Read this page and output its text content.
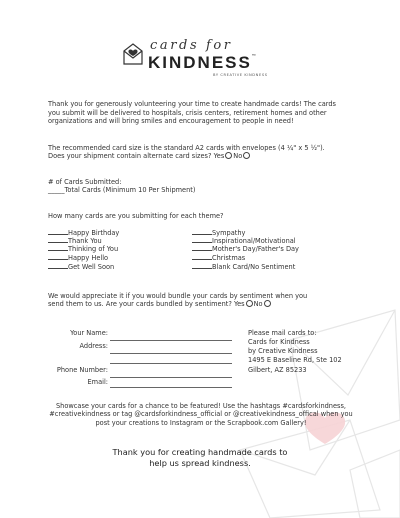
cards for
KINDNESS™
BY CREATIVE KINDNESS
Thank you for generously volunteering your time to create handmade cards! The cards you submit will be delivered to hospitals, crisis centers, retirement homes and other organizations and will bring smiles and encouragement to people in need!
The recommended card size is the standard A2 cards with envelopes (4 ¼" x 5 ½").
Does your shipment contain alternate card sizes? Yes No
# of Cards Submitted:
_____Total Cards (Minimum 10 Per Shipment)
How many cards are you submitting for each theme?
Happy Birthday
Thank You
Thinking of You
Happy Hello
Get Well Soon
Sympathy
Inspirational/Motivational
Mother's Day/Father's Day
Christmas
Blank Card/No Sentiment
We would appreciate it if you would bundle your cards by sentiment when you
send them to us. Are your cards bundled by sentiment? Yes No
Your Name:
Address:
Phone Number:
Email:
Please mail cards to:
Cards for Kindness
by Creative Kindness
1495 E Baseline Rd, Ste 102
Gilbert, AZ 85233
Showcase your cards for a chance to be featured! Use the hashtags #cardsforkindness,
#creativekindness or tag @cardsforkindness_official or @creativekindness_offical when you
post your creations to Instagram or the Scrapbook.com Gallery!
Thank you for creating handmade cards to
help us spread kindness.
